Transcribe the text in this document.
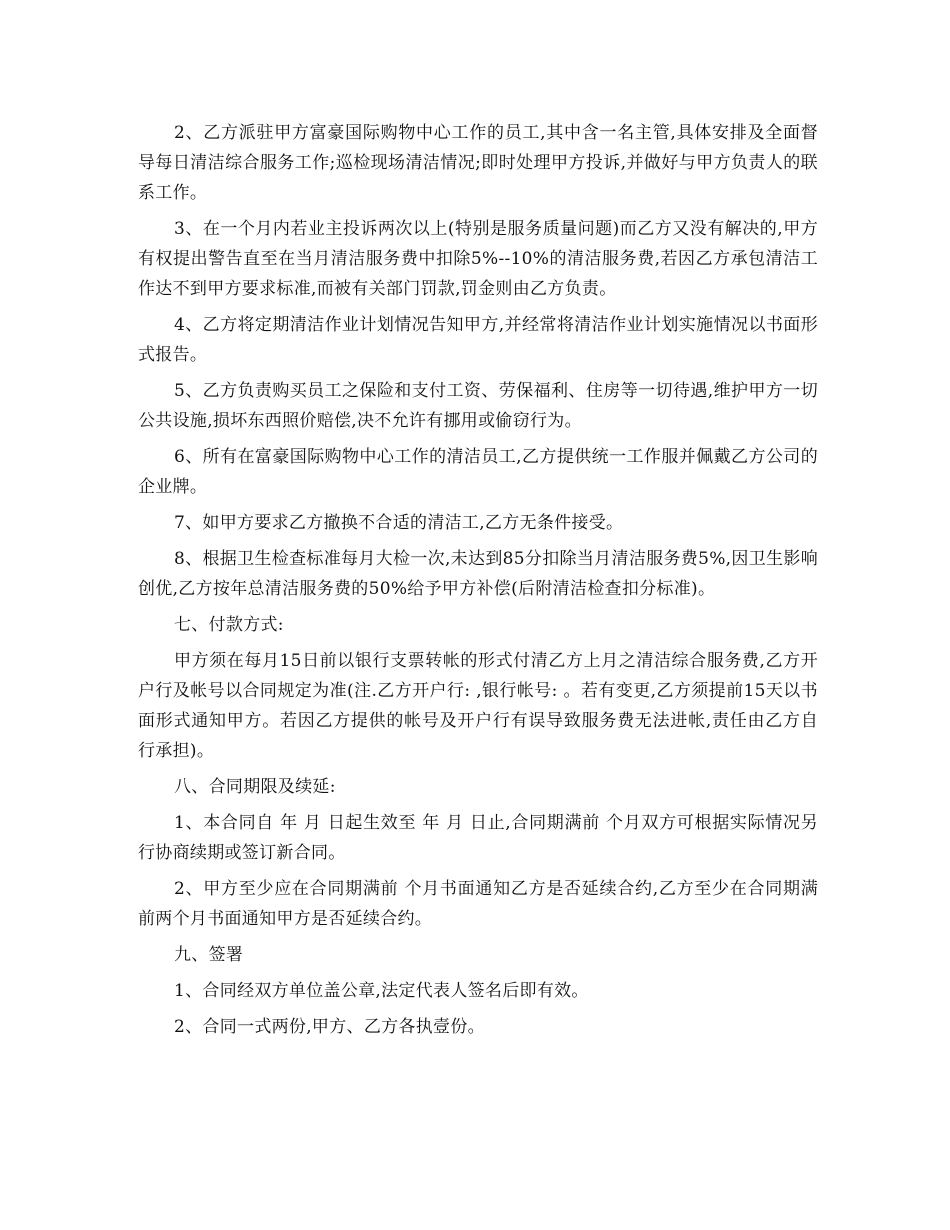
2、乙方派驻甲方富豪国际购物中心工作的员工,其中含一名主管,具体安排及全面督导每日清洁综合服务工作;巡检现场清洁情况;即时处理甲方投诉,并做好与甲方负责人的联系工作。

3、在一个月内若业主投诉两次以上(特别是服务质量问题)而乙方又没有解决的,甲方有权提出警告直至在当月清洁服务费中扣除5%--10%的清洁服务费,若因乙方承包清洁工作达不到甲方要求标准,而被有关部门罚款,罚金则由乙方负责。

4、乙方将定期清洁作业计划情况告知甲方,并经常将清洁作业计划实施情况以书面形式报告。

5、乙方负责购买员工之保险和支付工资、劳保福利、住房等一切待遇,维护甲方一切公共设施,损坏东西照价赔偿,决不允许有挪用或偷窃行为。

6、所有在富豪国际购物中心工作的清洁员工,乙方提供统一工作服并佩戴乙方公司的企业牌。

7、如甲方要求乙方撤换不合适的清洁工,乙方无条件接受。

8、根据卫生检查标准每月大检一次,未达到85分扣除当月清洁服务费5%,因卫生影响创优,乙方按年总清洁服务费的50%给予甲方补偿(后附清洁检查扣分标准)。

七、付款方式:

甲方须在每月15日前以银行支票转帐的形式付清乙方上月之清洁综合服务费,乙方开户行及帐号以合同规定为准(注.乙方开户行: ,银行帐号: 。若有变更,乙方须提前15天以书面形式通知甲方。若因乙方提供的帐号及开户行有误导致服务费无法进帐,责任由乙方自行承担)。

八、合同期限及续延:

1、本合同自 年 月 日起生效至 年 月 日止,合同期满前 个月双方可根据实际情况另行协商续期或签订新合同。

2、甲方至少应在合同期满前 个月书面通知乙方是否延续合约,乙方至少在合同期满前两个月书面通知甲方是否延续合约。

九、签署

1、合同经双方单位盖公章,法定代表人签名后即有效。

2、合同一式两份,甲方、乙方各执壹份。
